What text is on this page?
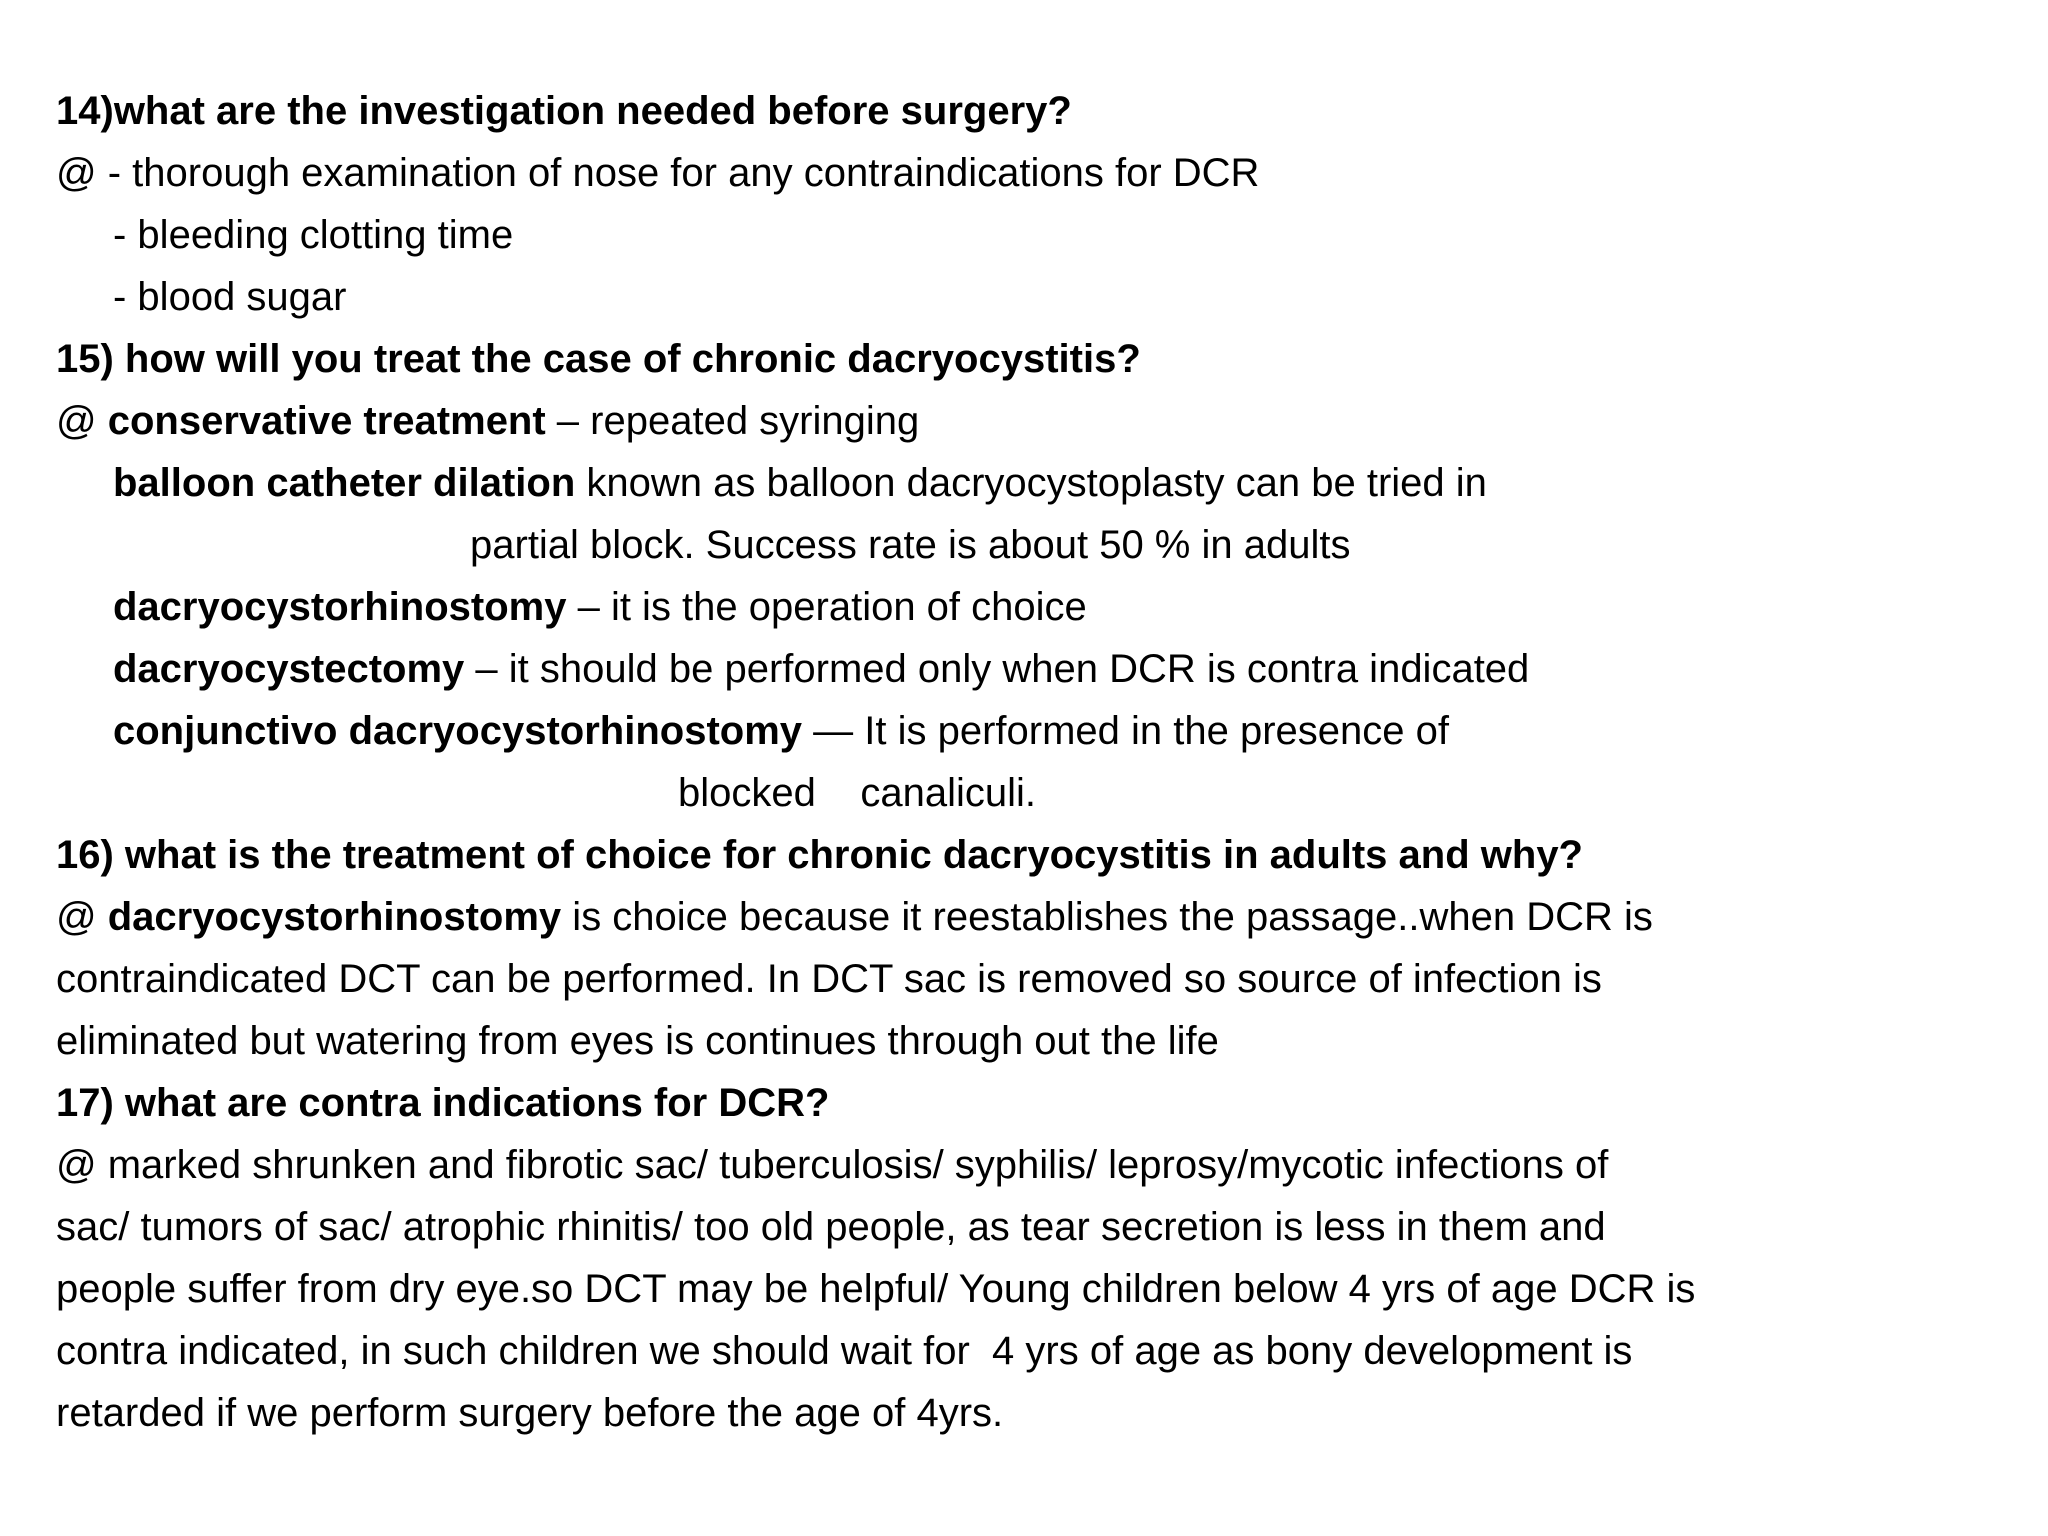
14)what are the investigation needed before surgery?
@ - thorough examination of nose for any contraindications for DCR
- bleeding clotting time
- blood sugar
15) how will you treat the case of chronic dacryocystitis?
@ conservative treatment – repeated syringing
balloon catheter dilation known as balloon dacryocystoplasty can be tried in
partial block. Success rate is about 50 % in adults
dacryocystorhinostomy – it is the operation of choice
dacryocystectomy – it should be performed only when DCR is contra indicated
conjunctivo dacryocystorhinostomy — It is performed in the presence of
blocked    canaliculi.
16) what is the treatment of choice for chronic dacryocystitis in adults and why?
@ dacryocystorhinostomy is choice because it reestablishes the passage..when DCR is
contraindicated DCT can be performed. In DCT sac is removed so source of infection is
eliminated but watering from eyes is continues through out the life
17) what are contra indications for DCR?
@ marked shrunken and fibrotic sac/ tuberculosis/ syphilis/ leprosy/mycotic infections of
sac/ tumors of sac/ atrophic rhinitis/ too old people, as tear secretion is less in them and
people suffer from dry eye.so DCT may be helpful/ Young children below 4 yrs of age DCR is
contra indicated, in such children we should wait for  4 yrs of age as bony development is
retarded if we perform surgery before the age of 4yrs.
